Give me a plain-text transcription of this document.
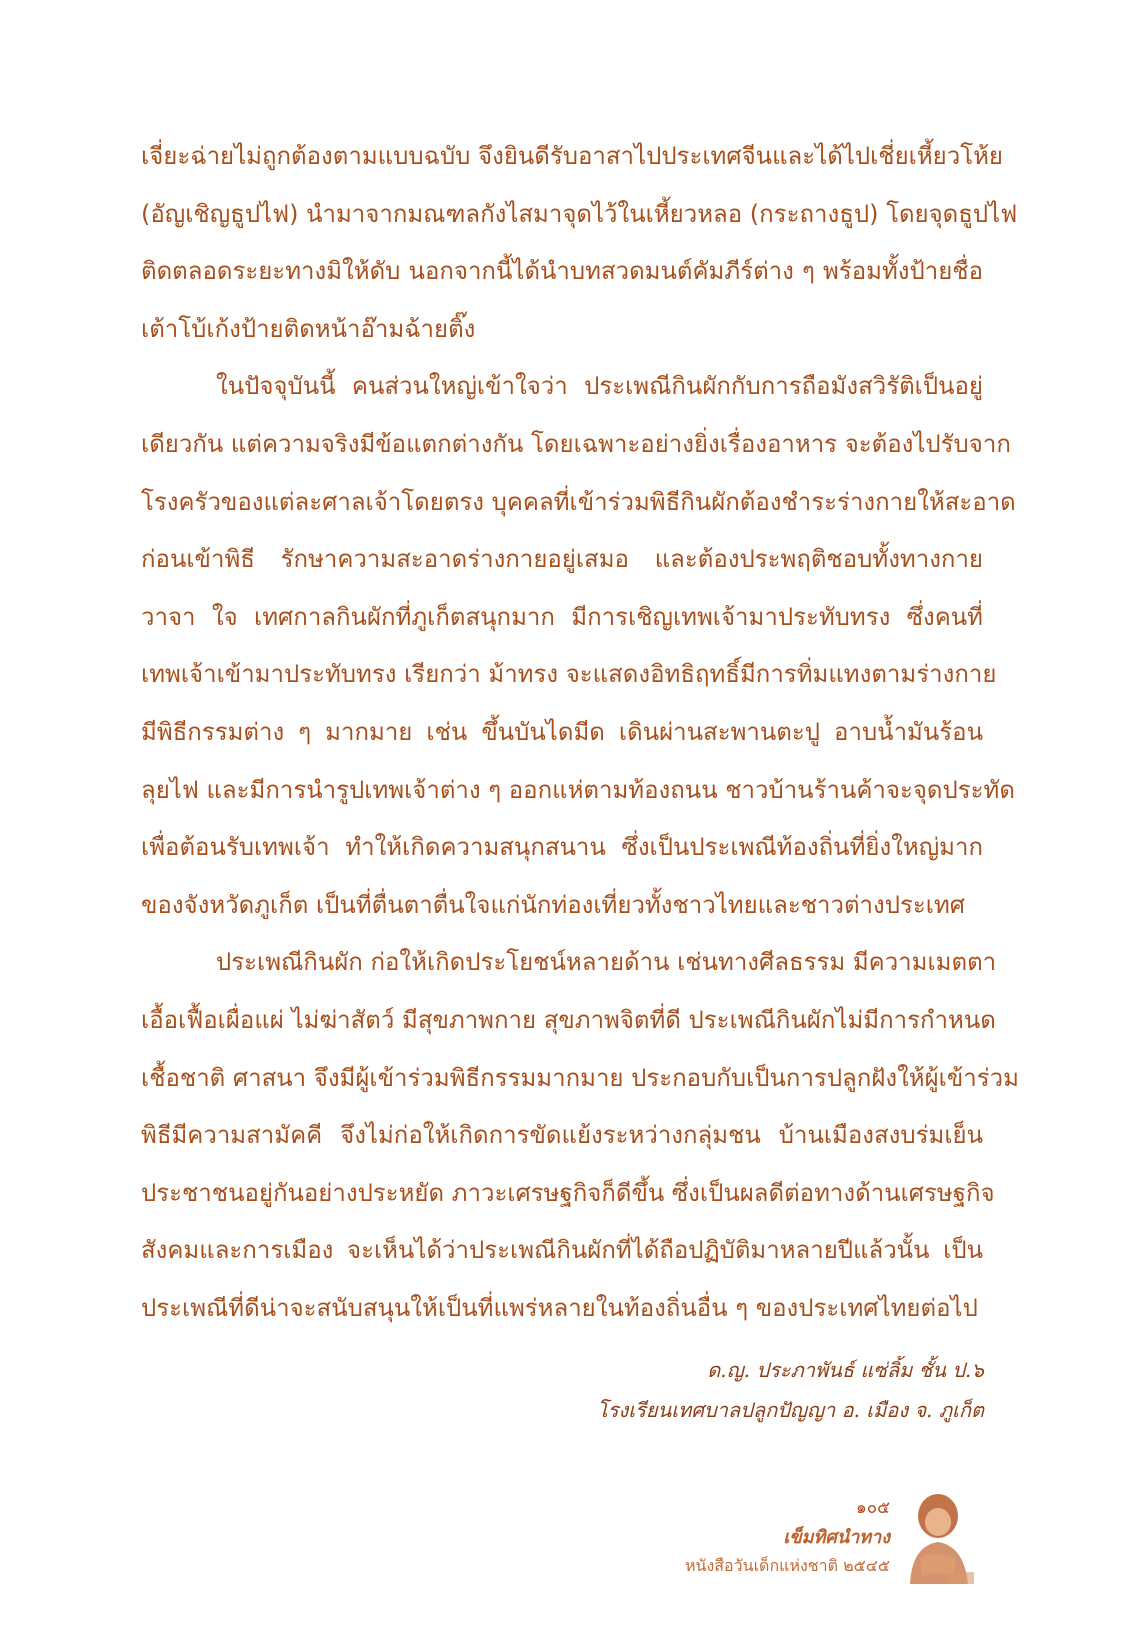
เจี่ยะฉ่ายไม่ถูกต้องตามแบบฉบับ จึงยินดีรับอาสาไปประเทศจีนและได้ไปเชี่ยเหี้ยวโห้ย
(อัญเชิญธูปไฟ) นำมาจากมณฑลกังไสมาจุดไว้ในเหี้ยวหลอ (กระถางธูป) โดยจุดธูปไฟ
ติดตลอดระยะทางมิให้ดับ นอกจากนี้ได้นำบทสวดมนต์คัมภีร์ต่าง ๆ พร้อมทั้งป้ายชื่อ
เต้าโบ้เก้งป้ายติดหน้าอ๊ามฉ้ายติ๊ง
ในปัจจุบันนี้ คนส่วนใหญ่เข้าใจว่า ประเพณีกินผักกับการถือมังสวิรัติเป็นอยู่
เดียวกัน แต่ความจริงมีข้อแตกต่างกัน โดยเฉพาะอย่างยิ่งเรื่องอาหาร จะต้องไปรับจาก
โรงครัวของแต่ละศาลเจ้าโดยตรง บุคคลที่เข้าร่วมพิธีกินผักต้องชำระร่างกายให้สะอาด
ก่อนเข้าพิธี รักษาความสะอาดร่างกายอยู่เสมอ และต้องประพฤติชอบทั้งทางกาย
วาจา ใจ เทศกาลกินผักที่ภูเก็ตสนุกมาก มีการเชิญเทพเจ้ามาประทับทรง ซึ่งคนที่
เทพเจ้าเข้ามาประทับทรง เรียกว่า ม้าทรง จะแสดงอิทธิฤทธิ์มีการทิ่มแทงตามร่างกาย
มีพิธีกรรมต่าง ๆ มากมาย เช่น ขึ้นบันไดมีด เดินผ่านสะพานตะปู อาบน้ำมันร้อน
ลุยไฟ และมีการนำรูปเทพเจ้าต่าง ๆ ออกแห่ตามท้องถนน ชาวบ้านร้านค้าจะจุดประทัด
เพื่อต้อนรับเทพเจ้า ทำให้เกิดความสนุกสนาน ซึ่งเป็นประเพณีท้องถิ่นที่ยิ่งใหญ่มาก
ของจังหวัดภูเก็ต เป็นที่ตื่นตาตื่นใจแก่นักท่องเที่ยวทั้งชาวไทยและชาวต่างประเทศ
ประเพณีกินผัก ก่อให้เกิดประโยชน์หลายด้าน เช่นทางศีลธรรม มีความเมตตา
เอื้อเฟื้อเผื่อแผ่ ไม่ฆ่าสัตว์ มีสุขภาพกาย สุขภาพจิตที่ดี ประเพณีกินผักไม่มีการกำหนด
เชื้อชาติ ศาสนา จึงมีผู้เข้าร่วมพิธีกรรมมากมาย ประกอบกับเป็นการปลูกฝังให้ผู้เข้าร่วม
พิธีมีความสามัคคี จึงไม่ก่อให้เกิดการขัดแย้งระหว่างกลุ่มชน บ้านเมืองสงบร่มเย็น
ประชาชนอยู่กันอย่างประหยัด ภาวะเศรษฐกิจก็ดีขึ้น ซึ่งเป็นผลดีต่อทางด้านเศรษฐกิจ
สังคมและการเมือง จะเห็นได้ว่าประเพณีกินผักที่ได้ถือปฏิบัติมาหลายปีแล้วนั้น เป็น
ประเพณีที่ดีน่าจะสนับสนุนให้เป็นที่แพร่หลายในท้องถิ่นอื่น ๆ ของประเทศไทยต่อไป
ด.ญ. ประภาพันธ์ แซ่ลิ้ม ชั้น ป.๖
โรงเรียนเทศบาลปลูกปัญญา อ. เมือง จ. ภูเก็ต
๑๐๕
เข็มทิศนำทาง
หนังสือวันเด็กแห่งชาติ ๒๕๔๕
